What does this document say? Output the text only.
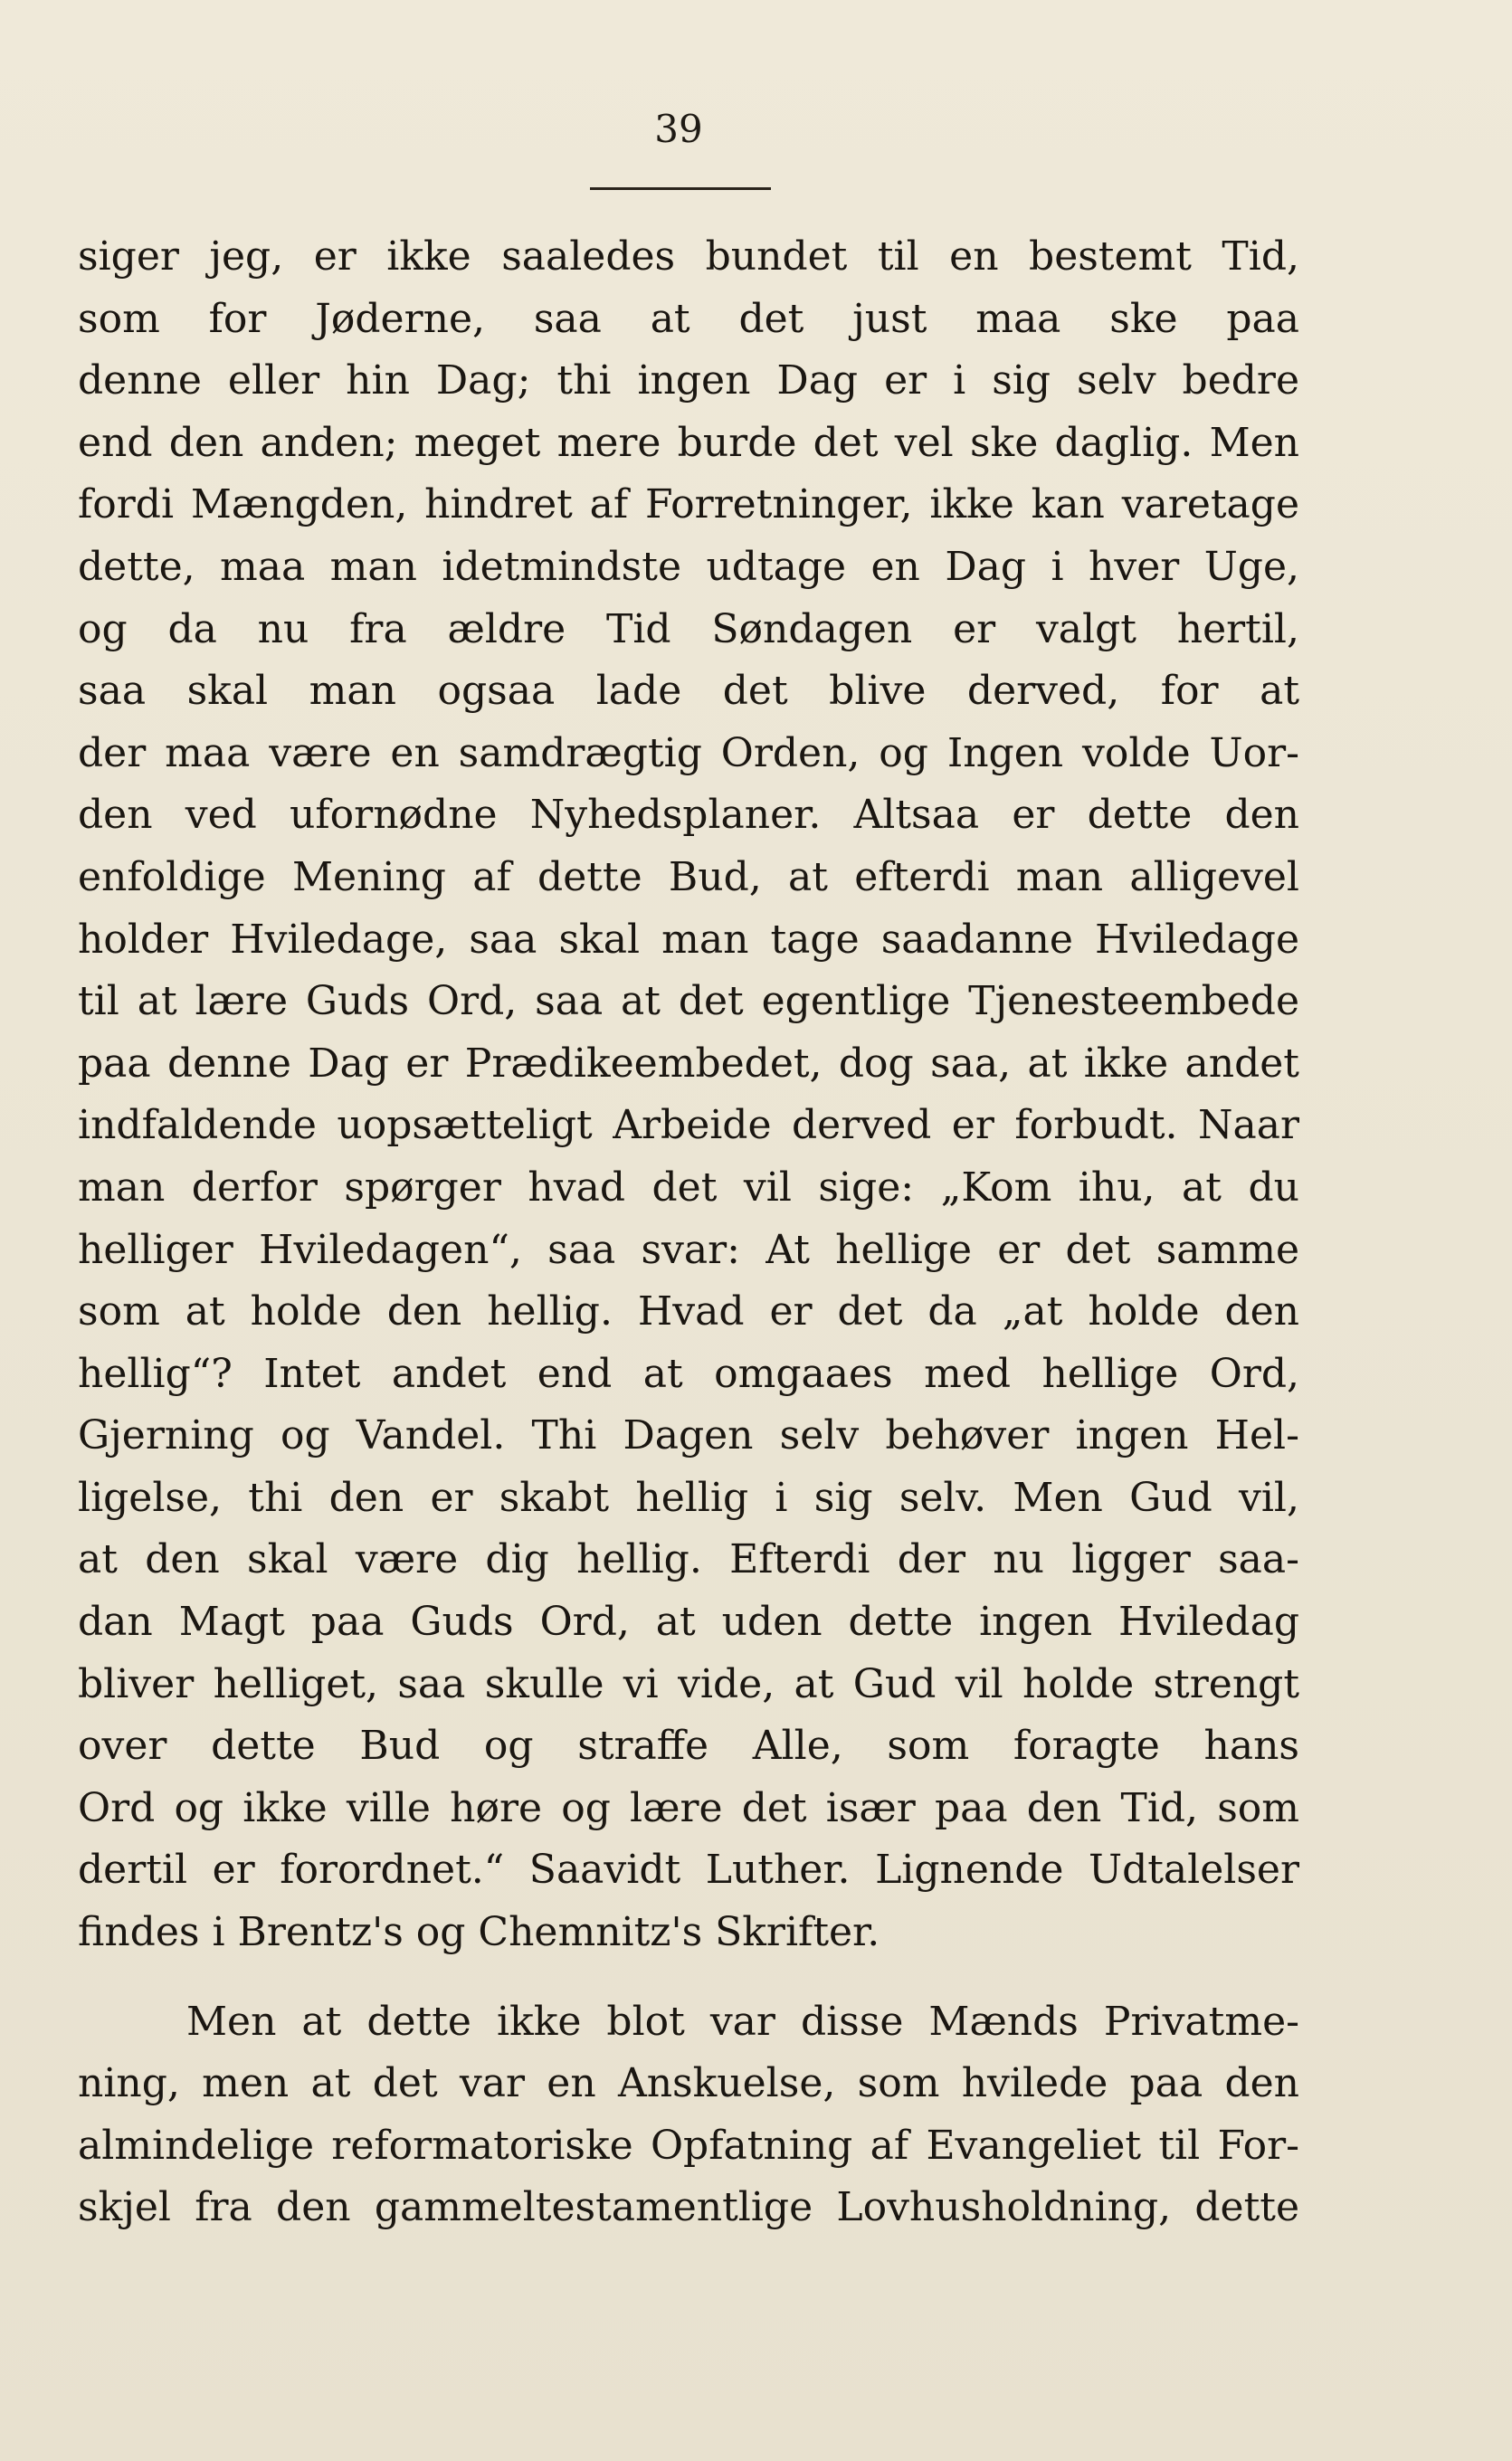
39
siger jeg, er ikke saaledes bundet til en bestemt Tid,
som for Jøderne, saa at det just maa ske paa
denne eller hin Dag; thi ingen Dag er i sig selv bedre
end den anden; meget mere burde det vel ske daglig. Men
fordi Mængden, hindret af Forretninger, ikke kan varetage
dette, maa man idetmindste udtage en Dag i hver Uge,
og da nu fra ældre Tid Søndagen er valgt hertil,
saa skal man ogsaa lade det blive derved, for at
der maa være en samdrægtig Orden, og Ingen volde Uor-
den ved ufornødne Nyhedsplaner. Altsaa er dette den
enfoldige Mening af dette Bud, at efterdi man alligevel
holder Hviledage, saa skal man tage saadanne Hviledage
til at lære Guds Ord, saa at det egentlige Tjenesteembede
paa denne Dag er Prædikeembedet, dog saa, at ikke andet
indfaldende uopsætteligt Arbeide derved er forbudt. Naar
man derfor spørger hvad det vil sige: „Kom ihu, at du
helliger Hviledagen“, saa svar: At hellige er det samme
som at holde den hellig. Hvad er det da „at holde den
hellig“? Intet andet end at omgaaes med hellige Ord,
Gjerning og Vandel. Thi Dagen selv behøver ingen Hel-
ligelse, thi den er skabt hellig i sig selv. Men Gud vil,
at den skal være dig hellig. Efterdi der nu ligger saa-
dan Magt paa Guds Ord, at uden dette ingen Hviledag
bliver helliget, saa skulle vi vide, at Gud vil holde strengt
over dette Bud og straffe Alle, som foragte hans
Ord og ikke ville høre og lære det især paa den Tid, som
dertil er forordnet.“ Saavidt Luther. Lignende Udtalelser
findes i Brentz's og Chemnitz's Skrifter.
Men at dette ikke blot var disse Mænds Privatme-
ning, men at det var en Anskuelse, som hvilede paa den
almindelige reformatoriske Opfatning af Evangeliet til For-
skjel fra den gammeltestamentlige Lovhusholdning, dette
